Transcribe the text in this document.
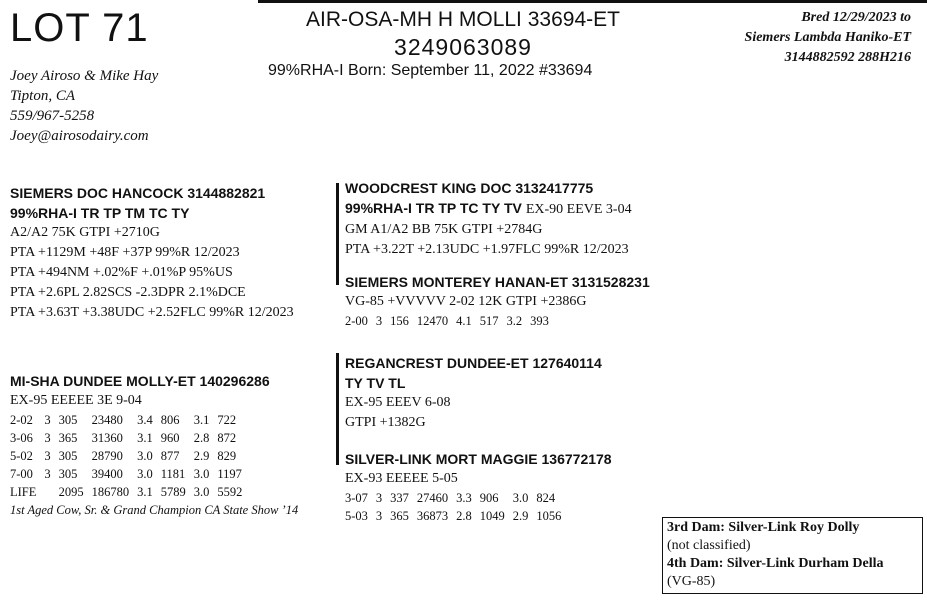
LOT 71	AIR-OSA-MH H MOLLI 33694-ET
3249063089
99%RHA-I Born: September 11, 2022 #33694
Bred 12/29/2023 to
Siemers Lambda Haniko-ET
3144882592 288H216
Joey Airoso & Mike Hay
Tipton, CA
559/967-5258
Joey@airosodairy.com
SIEMERS DOC HANCOCK 3144882821
99%RHA-I TR TP TM TC TY
A2/A2 75K GTPI +2710G
PTA +1129M +48F +37P 99%R 12/2023
PTA +494NM +.02%F +.01%P 95%US
PTA +2.6PL 2.82SCS -2.3DPR 2.1%DCE
PTA +3.63T +3.38UDC +2.52FLC 99%R 12/2023
MI-SHA DUNDEE MOLLY-ET 140296286
EX-95 EEEEE 3E 9-04
2-02	3	305	23480	3.4	806	3.1	722
3-06	3	365	31360	3.1	960	2.8	872
5-02	3	305	28790	3.0	877	2.9	829
7-00	3	305	39400	3.0	1181	3.0	1197
LIFE		2095	186780	3.1	5789	3.0	5592
1st Aged Cow, Sr. & Grand Champion CA State Show ’14
WOODCREST KING DOC 3132417775
99%RHA-I TR TP TC TY TV EX-90 EEVE 3-04
GM A1/A2 BB 75K GTPI +2784G
PTA +3.22T +2.13UDC +1.97FLC 99%R 12/2023
SIEMERS MONTEREY HANAN-ET 3131528231
VG-85 +VVVVV 2-02 12K GTPI +2386G
2-00	3	156	12470	4.1	517	3.2	393
REGANCREST DUNDEE-ET 127640114
TY TV TL
EX-95 EEEV 6-08
GTPI +1382G
SILVER-LINK MORT MAGGIE 136772178
EX-93 EEEEE 5-05
3-07	3	337	27460	3.3	906	3.0	824
5-03	3	365	36873	2.8	1049	2.9	1056
3rd Dam: Silver-Link Roy Dolly
(not classified)
4th Dam: Silver-Link Durham Della
(VG-85)
